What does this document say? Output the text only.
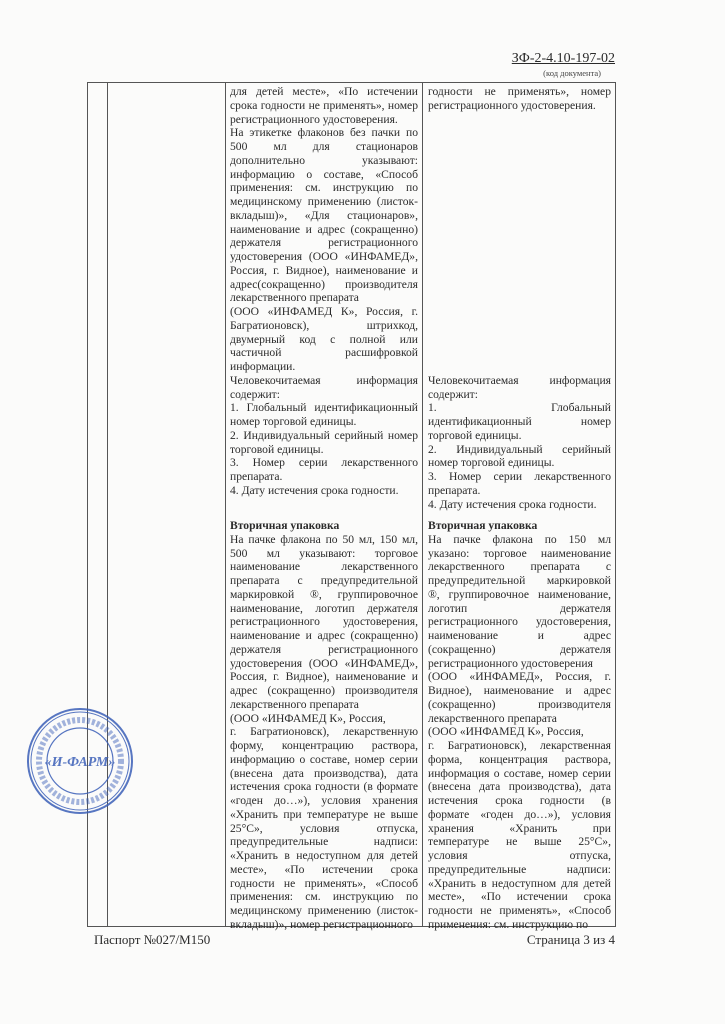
ЗФ-2-4.10-197-02
(код документа)
для детей месте», «По истечении
срока годности не применять», номер
регистрационного удостоверения.
На этикетке флаконов без пачки по
500 мл для стационаров
дополнительно указывают:
информацию о составе, «Способ
применения: см. инструкцию по
медицинскому применению (листок-
вкладыш)», «Для стационаров»,
наименование и адрес (сокращенно)
держателя регистрационного
удостоверения (ООО «ИНФАМЕД»,
Россия, г. Видное), наименование и
адрес(сокращенно) производителя
лекарственного препарата
(ООО «ИНФАМЕД К», Россия, г.
Багратионовск), штрихкод,
двумерный код с полной или
частичной расшифровкой
информации.
Человекочитаемая информация
содержит:
1. Глобальный идентификационный
номер торговой единицы.
2. Индивидуальный серийный номер
торговой единицы.
3. Номер серии лекарственного
препарата.
4. Дату истечения срока годности.
Вторичная упаковка
На пачке флакона по 50 мл, 150 мл,
500 мл указывают: торговое
наименование лекарственного
препарата с предупредительной
маркировкой ®, группировочное
наименование, логотип держателя
регистрационного удостоверения,
наименование и адрес (сокращенно)
держателя регистрационного
удостоверения (ООО «ИНФАМЕД»,
Россия, г. Видное), наименование и
адрес (сокращенно) производителя
лекарственного препарата
(ООО «ИНФАМЕД К», Россия,
г. Багратионовск), лекарственную
форму, концентрацию раствора,
информацию о составе, номер серии
(внесена дата производства), дата
истечения срока годности (в формате
«годен до…»), условия хранения
«Хранить при температуре не выше
25°С», условия отпуска,
предупредительные надписи:
«Хранить в недоступном для детей
месте», «По истечении срока
годности не применять», «Способ
применения: см. инструкцию по
медицинскому применению (листок-
вкладыш)», номер регистрационного
годности не применять», номер
регистрационного удостоверения.
Человекочитаемая информация
содержит:
1. Глобальный
идентификационный номер
торговой единицы.
2. Индивидуальный серийный
номер торговой единицы.
3. Номер серии лекарственного
препарата.
4. Дату истечения срока годности.
Вторичная упаковка
На пачке флакона по 150 мл
указано: торговое наименование
лекарственного препарата с
предупредительной маркировкой
®, группировочное наименование,
логотип держателя
регистрационного удостоверения,
наименование и адрес
(сокращенно) держателя
регистрационного удостоверения
(ООО «ИНФАМЕД», Россия, г.
Видное), наименование и адрес
(сокращенно) производителя
лекарственного препарата
(ООО «ИНФАМЕД К», Россия,
г. Багратионовск), лекарственная
форма, концентрация раствора,
информация о составе, номер серии
(внесена дата производства), дата
истечения срока годности (в
формате «годен до…»), условия
хранения «Хранить при
температуре не выше 25°С»,
условия отпуска,
предупредительные надписи:
«Хранить в недоступном для детей
месте», «По истечении срока
годности не применять», «Способ
применения: см. инструкцию по
«И-ФАРМ»
Паспорт №027/М150	Страница 3 из 4
